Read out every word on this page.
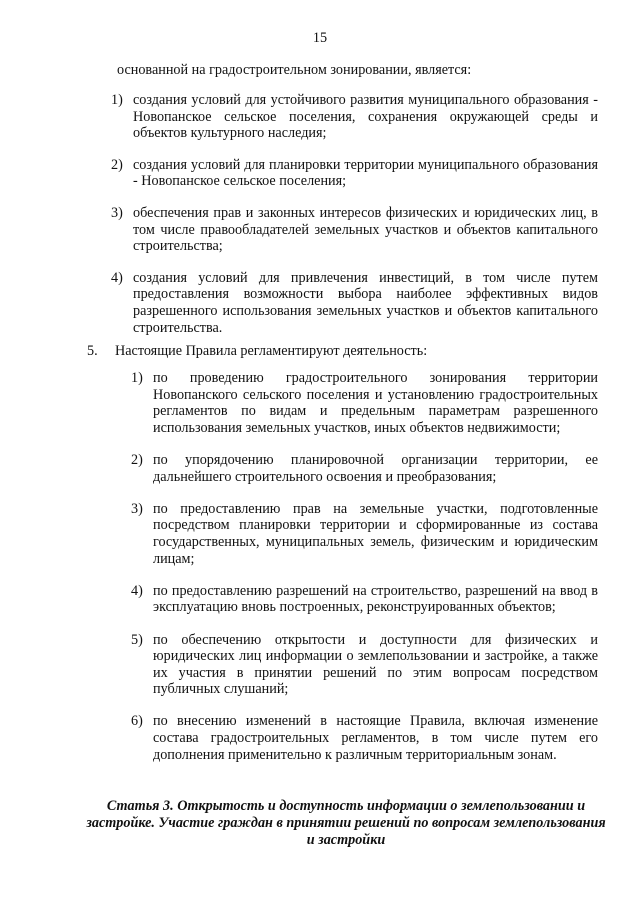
15
основанной на градостроительном зонировании, является:
1) создания условий для устойчивого развития муниципального образования - Новопанское сельское поселения, сохранения окружающей среды и объектов культурного наследия;
2) создания условий для планировки территории муниципального образования - Новопанское сельское поселения;
3) обеспечения прав и законных интересов физических и юридических лиц, в том числе правообладателей земельных участков и объектов капитального строительства;
4) создания условий для привлечения инвестиций, в том числе путем предоставления возможности выбора наиболее эффективных видов разрешенного использования земельных участков и объектов капитального строительства.
5. Настоящие Правила регламентируют деятельность:
1) по проведению градостроительного зонирования территории Новопанского сельского поселения и установлению градостроительных регламентов по видам и предельным параметрам разрешенного использования земельных участков, иных объектов недвижимости;
2) по упорядочению планировочной организации территории, ее дальнейшего строительного освоения и преобразования;
3) по предоставлению прав на земельные участки, подготовленные посредством планировки территории и сформированные из состава государственных, муниципальных земель, физическим и юридическим лицам;
4) по предоставлению разрешений на строительство, разрешений на ввод в эксплуатацию вновь построенных, реконструированных объектов;
5) по обеспечению открытости и доступности для физических и юридических лиц информации о землепользовании и застройке, а также их участия в принятии решений по этим вопросам посредством публичных слушаний;
6) по внесению изменений в настоящие Правила, включая изменение состава градостроительных регламентов, в том числе путем его дополнения применительно к различным территориальным зонам.
Статья 3. Открытость и доступность информации о землепользовании и застройке. Участие граждан в принятии решений по вопросам землепользования и застройки
